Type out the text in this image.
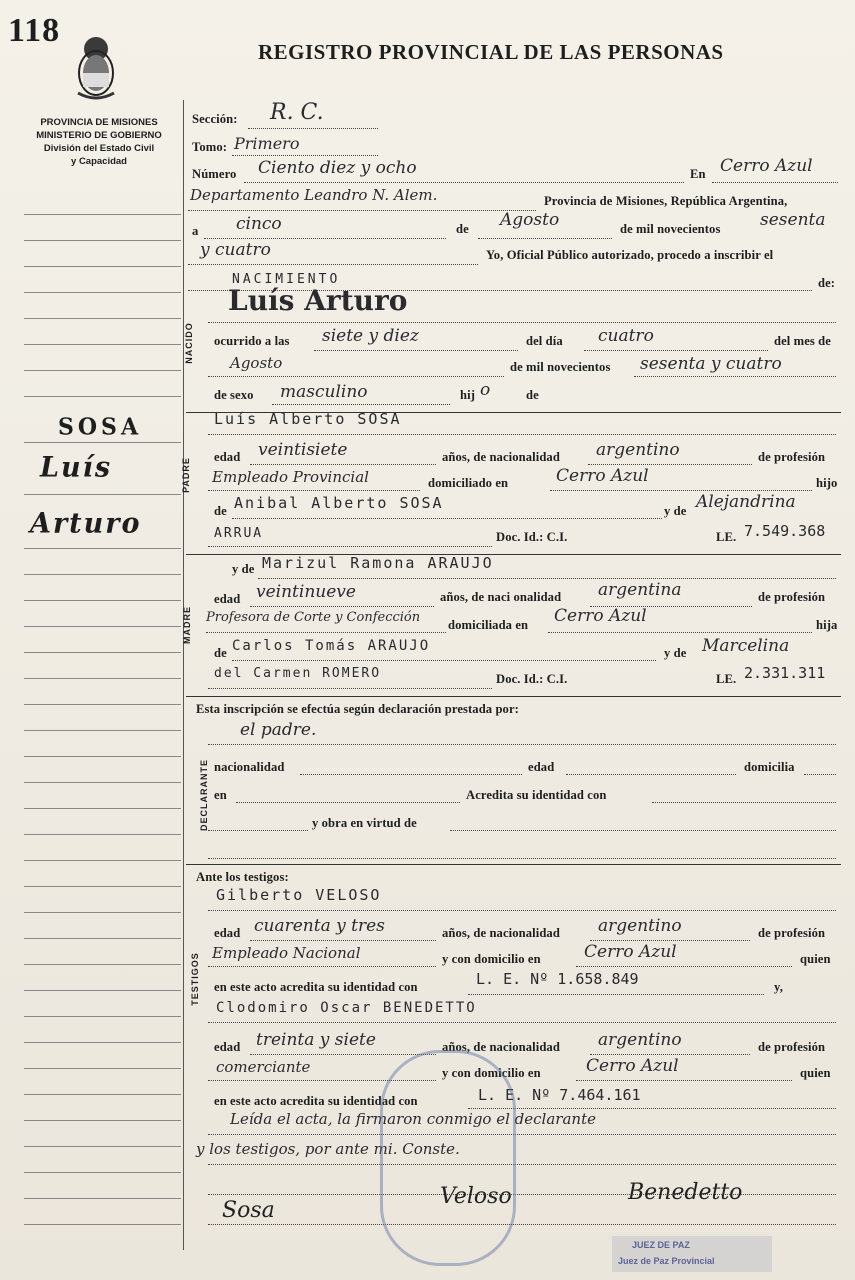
118
REGISTRO PROVINCIAL DE LAS PERSONAS
PROVINCIA DE MISIONES
MINISTERIO DE GOBIERNO
División del Estado Civil
y Capacidad
SOSA
Luís
Arturo
Sección: R. C.
Tomo: Primero
Número Ciento diez y ocho	En Cerro Azul
Departamento Leandro N. Alem.	Provincia de Misiones, República Argentina,
a cinco	de Agosto	de mil novecientos sesenta
y cuatro	Yo, Oficial Público autorizado, procedo a inscribir el
NACIMIENTO	de:
NACIDO
Luís Arturo
ocurrido a las siete y diez	del día cuatro	del mes de
Agosto	de mil novecientos sesenta y cuatro
de sexo masculino	hij o	de
PADRE
Luís Alberto SOSA
edad veintisiete	años, de nacionalidad argentino	de profesión
Empleado Provincial	domiciliado en	Cerro Azul	hijo
de Anibal Alberto SOSA	y de Alejandrina
ARRUA	Doc. Id.: C.I.	LE. 7.549.368
MADRE
y de Marizul Ramona ARAUJO
edad veintinueve	años, de naci onalidad argentina	de profesión
Profesora de Corte y Confección domiciliada en Cerro Azul	hija
de Carlos Tomás ARAUJO	y de Marcelina
del Carmen ROMERO	Doc. Id.: C.I.	LE. 2.331.311
Esta inscripción se efectúa según declaración prestada por:
DECLARANTE
el padre.
nacionalidad	edad	domicilia
en	Acredita su identidad con
y obra en virtud de
Ante los testigos:
TESTIGOS
Gilberto VELOSO
edad cuarenta y tres	años, de nacionalidad argentino	de profesión
Empleado Nacional	y con domicilio en	Cerro Azul	quien
en este acto acredita su identidad con	L. E. Nº 1.658.849	y,
Clodomiro Oscar BENEDETTO
edad treinta y siete	años, de nacionalidad argentino	de profesión
comerciante	y con domicilio en	Cerro Azul	quien
en este acto acredita su identidad con	L. E. Nº 7.464.161
Leída el acta, la firmaron conmigo el declarante
y los testigos, por ante mi. Conste.
Sosa
Veloso	Benedetto
JUEZ DE PAZ
Juez de Paz Provincial
